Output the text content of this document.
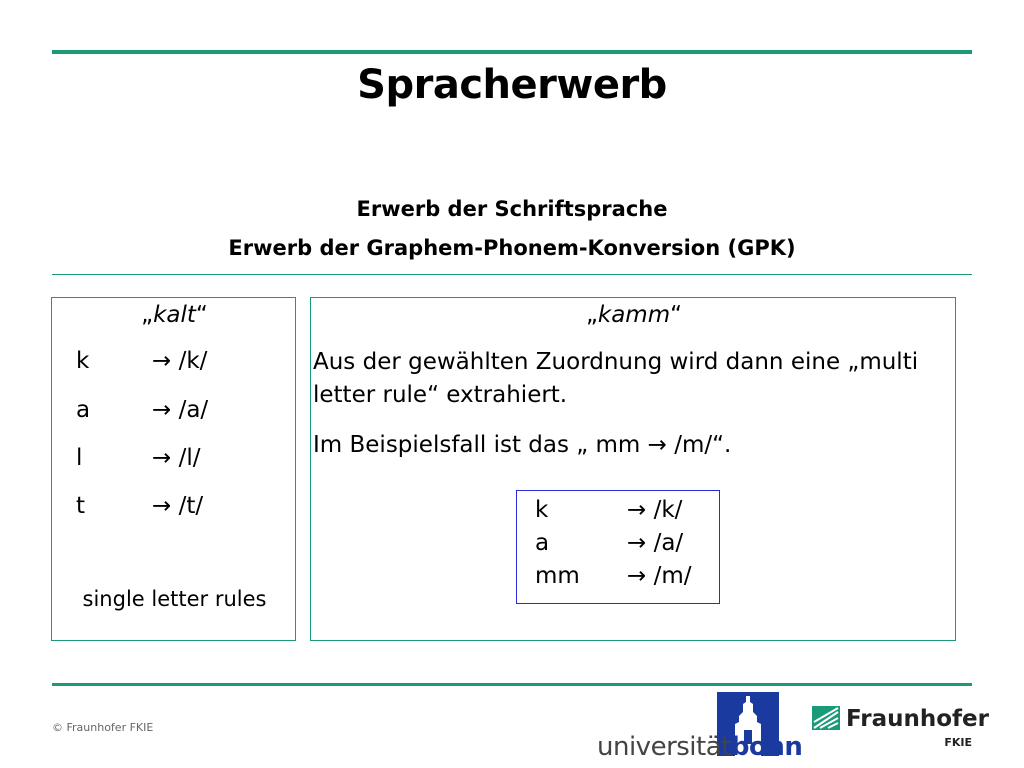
Spracherwerb
Erwerb der Schriftsprache
Erwerb der Graphem-Phonem-Konversion (GPK)
„kalt“
k	→ /k/
a	→ /a/
l	→ /l/
t	→ /t/
single letter rules
„kamm“
Aus der gewählten Zuordnung wird dann eine „multi letter rule“ extrahiert.
Im Beispielsfall ist das „ mm → /m/“.
k	→ /k/
a	→ /a/
mm → /m/
© Fraunhofer FKIE
universitätbonn
Fraunhofer
FKIE
